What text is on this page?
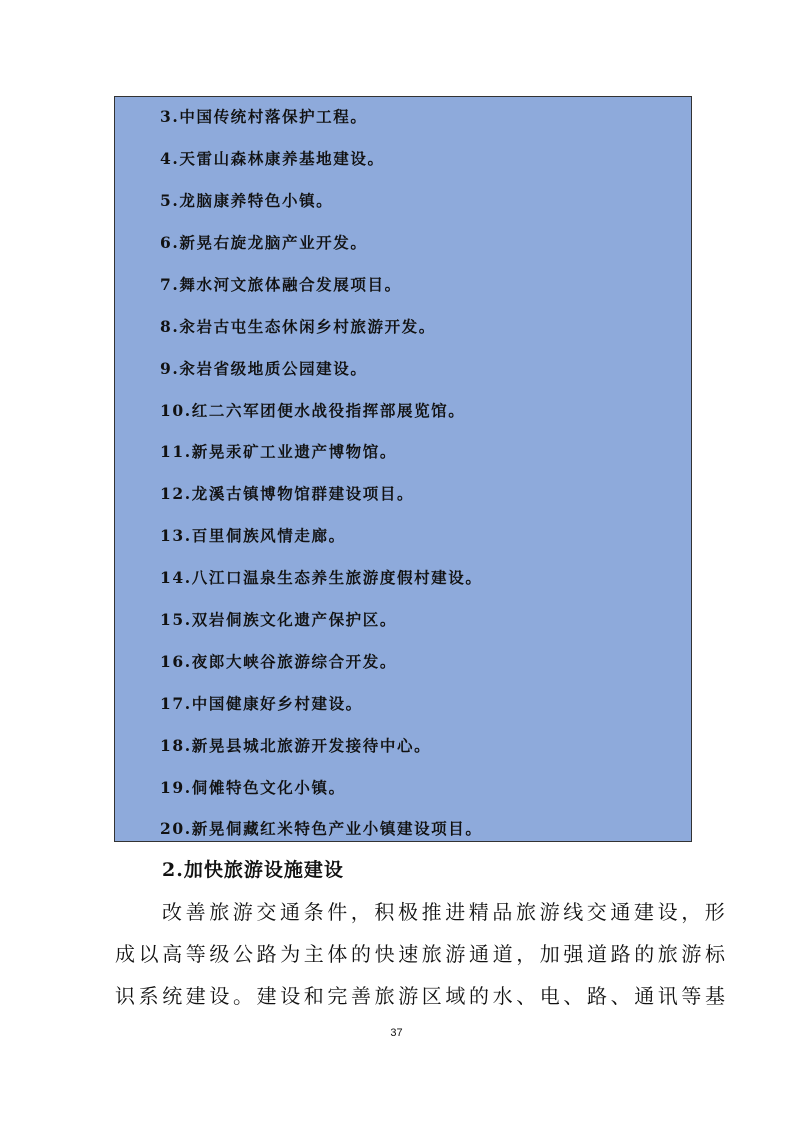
3.中国传统村落保护工程。
4.天雷山森林康养基地建设。
5.龙脑康养特色小镇。
6.新晃右旋龙脑产业开发。
7.舞水河文旅体融合发展项目。
8.汆岩古屯生态休闲乡村旅游开发。
9.汆岩省级地质公园建设。
10.红二六军团便水战役指挥部展览馆。
11.新晃汞矿工业遗产博物馆。
12.龙溪古镇博物馆群建设项目。
13.百里侗族风情走廊。
14.八江口温泉生态养生旅游度假村建设。
15.双岩侗族文化遗产保护区。
16.夜郎大峡谷旅游综合开发。
17.中国健康好乡村建设。
18.新晃县城北旅游开发接待中心。
19.侗傩特色文化小镇。
20.新晃侗藏红米特色产业小镇建设项目。
2.加快旅游设施建设
改善旅游交通条件，积极推进精品旅游线交通建设，形
成以高等级公路为主体的快速旅游通道，加强道路的旅游标
识系统建设。建设和完善旅游区域的水、电、路、通讯等基
37
